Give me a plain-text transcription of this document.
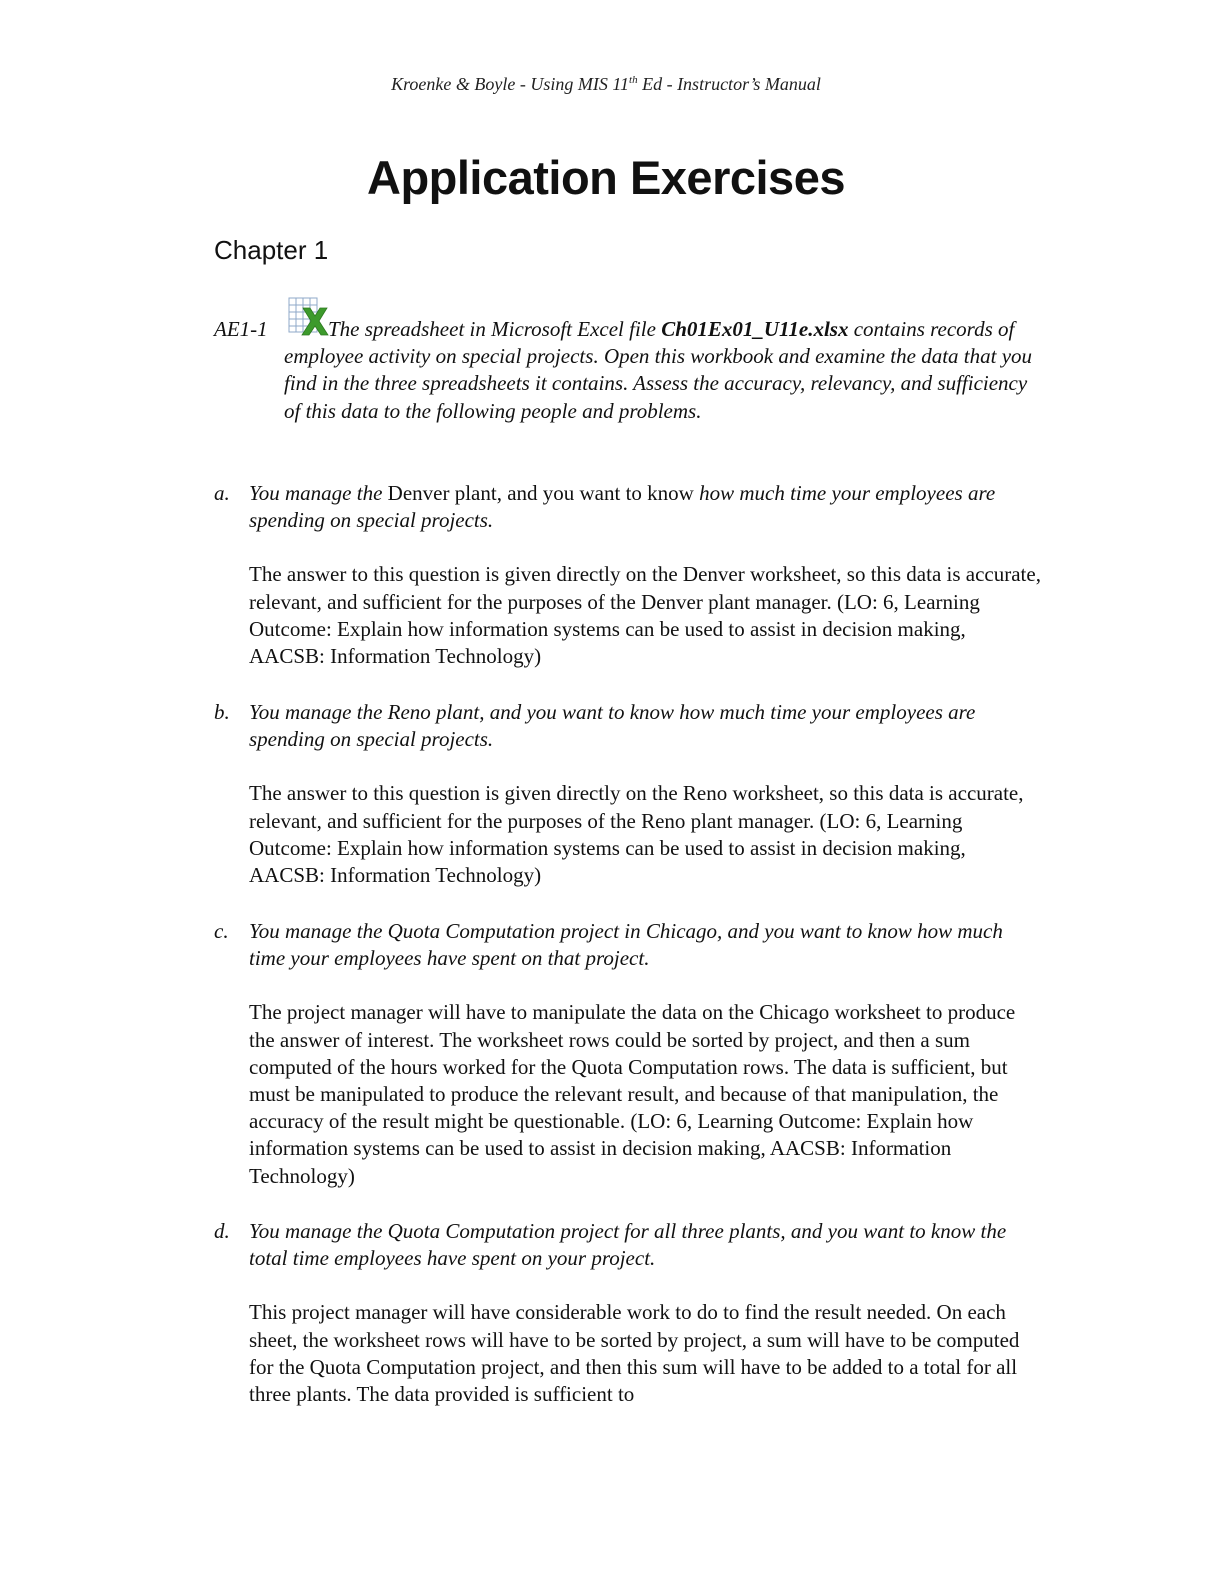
Kroenke & Boyle - Using MIS 11th Ed - Instructor’s Manual
Application Exercises
Chapter 1
AE1-1	The spreadsheet in Microsoft Excel file Ch01Ex01_U11e.xlsx contains records of employee activity on special projects. Open this workbook and examine the data that you find in the three spreadsheets it contains. Assess the accuracy, relevancy, and sufficiency of this data to the following people and problems.

a. You manage the Denver plant, and you want to know how much time your employees are spending on special projects.

The answer to this question is given directly on the Denver worksheet, so this data is accurate, relevant, and sufficient for the purposes of the Denver plant manager. (LO: 6, Learning Outcome: Explain how information systems can be used to assist in decision making, AACSB: Information Technology)

b. You manage the Reno plant, and you want to know how much time your employees are spending on special projects.

The answer to this question is given directly on the Reno worksheet, so this data is accurate, relevant, and sufficient for the purposes of the Reno plant manager. (LO: 6, Learning Outcome: Explain how information systems can be used to assist in decision making, AACSB: Information Technology)

c. You manage the Quota Computation project in Chicago, and you want to know how much time your employees have spent on that project.

The project manager will have to manipulate the data on the Chicago worksheet to produce the answer of interest. The worksheet rows could be sorted by project, and then a sum computed of the hours worked for the Quota Computation rows. The data is sufficient, but must be manipulated to produce the relevant result, and because of that manipulation, the accuracy of the result might be questionable. (LO: 6, Learning Outcome: Explain how information systems can be used to assist in decision making, AACSB: Information Technology)

d. You manage the Quota Computation project for all three plants, and you want to know the total time employees have spent on your project.

This project manager will have considerable work to do to find the result needed. On each sheet, the worksheet rows will have to be sorted by project, a sum will have to be computed for the Quota Computation project, and then this sum will have to be added to a total for all three plants. The data provided is sufficient to
